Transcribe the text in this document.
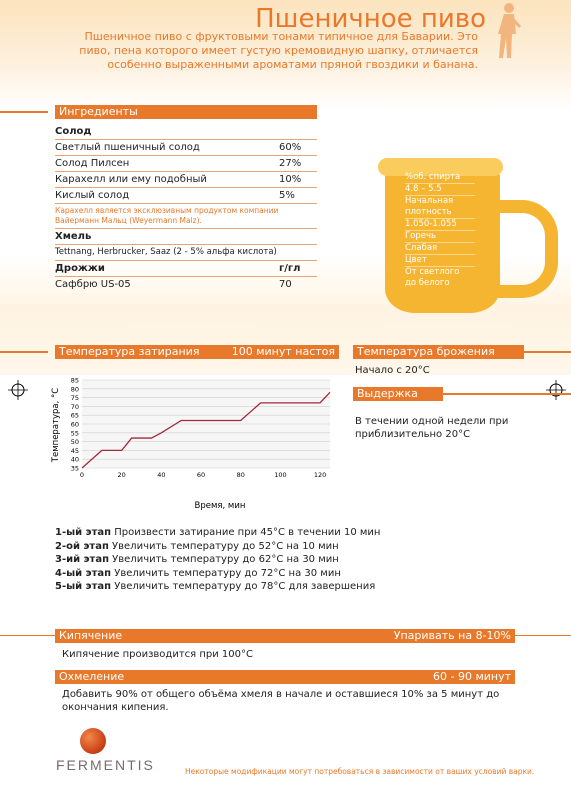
Пшеничное пиво
Пшеничное пиво с фруктовыми тонами типичное для Баварии. Это пиво, пена которого имеет густую кремовидную шапку, отличается особенно выраженными ароматами пряной гвоздики и банана.
Ингредиенты
Солод
Светлый пшеничный солод	60%
Солод Пилсен	27%
Карахелл или ему подобный	10%
Кислый солод	5%
Карахелл является эксклюзивным продуктом компании Вайерманн Мальц (Weyermann Malz).
Хмель
Tettnang, Herbrucker, Saaz (2 - 5% альфа кислота)
Дрожжи	г/гл
Сафбрю US-05	70
%об. спирта
4.8 – 5.5
Начальная
плотность
1.050-1.055
Горечь
Слабая
Цвет
От светлого
до белого
Температура затирания	100 минут настоя
35
40
45
50
55
60
65
70
75
80
85
0	20	40	60	80	100	120
Температура, °C
Время, мин
Температура брожения
Начало с 20°C
Выдержка
В течении одной недели при приблизительно 20°C
1-ый этап Произвести затирание при 45°C в течении 10 мин
2-ой этап Увеличить температуру до 52°C на 10 мин
3-ий этап Увеличить температуру до 62°C на 30 мин
4-ый этап Увеличить температуру до 72°C на 30 мин
5-ый этап Увеличить температуру до 78°C для завершения
Кипячение	Упаривать на 8-10%
Кипячение производится при 100°C
Охмеление	60 - 90 минут
Добавить 90% от общего объёма хмеля в начале и оставшиеся 10% за 5 минут до окончания кипения.
FERMENTIS	Некоторые модификации могут потребоваться в зависимости от ваших условий варки.
